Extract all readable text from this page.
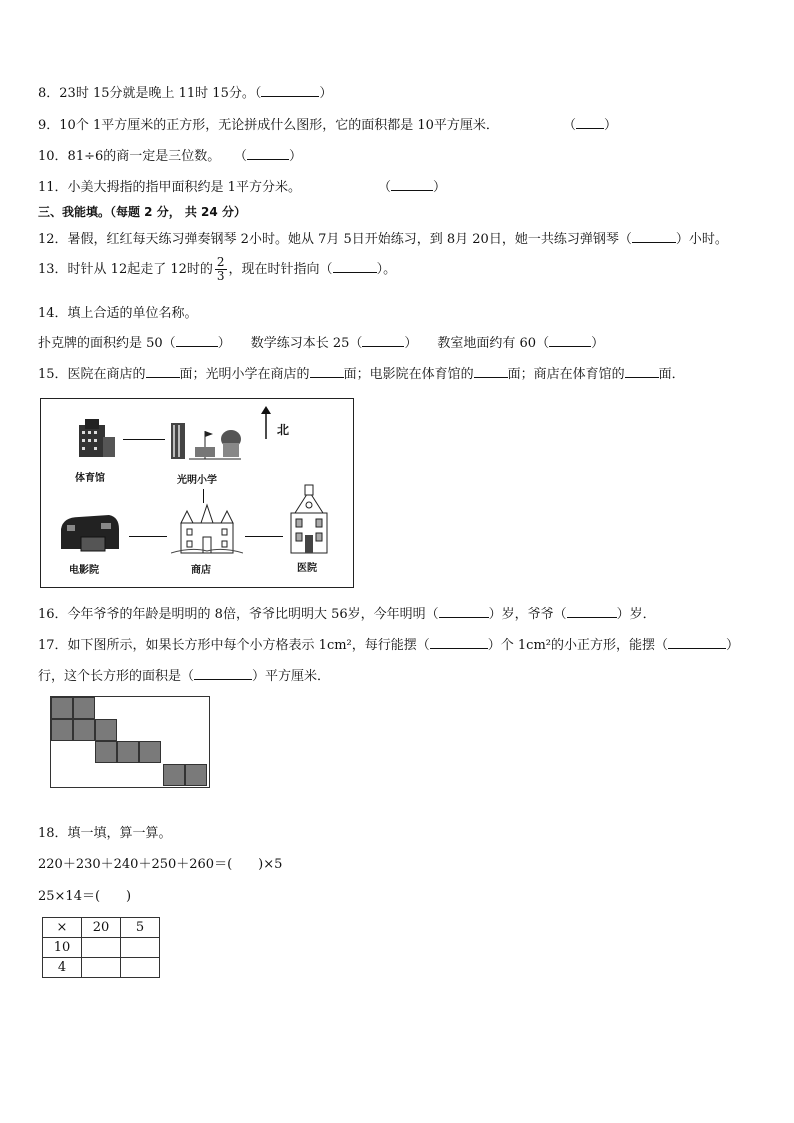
8．23时 15分就是晚上 11时 15分。（	）
9．10个 1平方厘米的正方形，无论拼成什么图形，它的面积都是 10平方厘米．	（ ）
10．81÷6的商一定是三位数。 （	）
11．小美大拇指的指甲面积约是 1平方分米。	（	）
三、我能填。（每题 2 分， 共 24 分）
12．暑假，红红每天练习弹奏钢琴 2小时。她从 7月 5日开始练习，到 8月 20日，她一共练习弹钢琴（	）小时。
13．时针从 12起走了 12时的 $\frac{2}{3}$ ，现在时针指向（	）。
14．填上合适的单位名称。
扑克牌的面积约是 50（	） 数学练习本长 25（	） 教室地面约有 60（	）
15．医院在商店的	面；光明小学在商店的	面；电影院在体育馆的	面；商店在体育馆的	面．
体育馆	光明小学
北
电影院	商店	医院
16．今年爷爷的年龄是明明的 8倍，爷爷比明明大 56岁，今年明明（	）岁，爷爷（	）岁．
17．如下图所示，如果长方形中每个小方格表示 1cm²，每行能摆（	）个 1cm²的小正方形，能摆（	）
行，这个长方形的面积是（	）平方厘米．
18．填一填，算一算。
220＋230＋240＋250＋260＝(　　)×5
25×14＝(　　)
×	20	5
10		
4		
